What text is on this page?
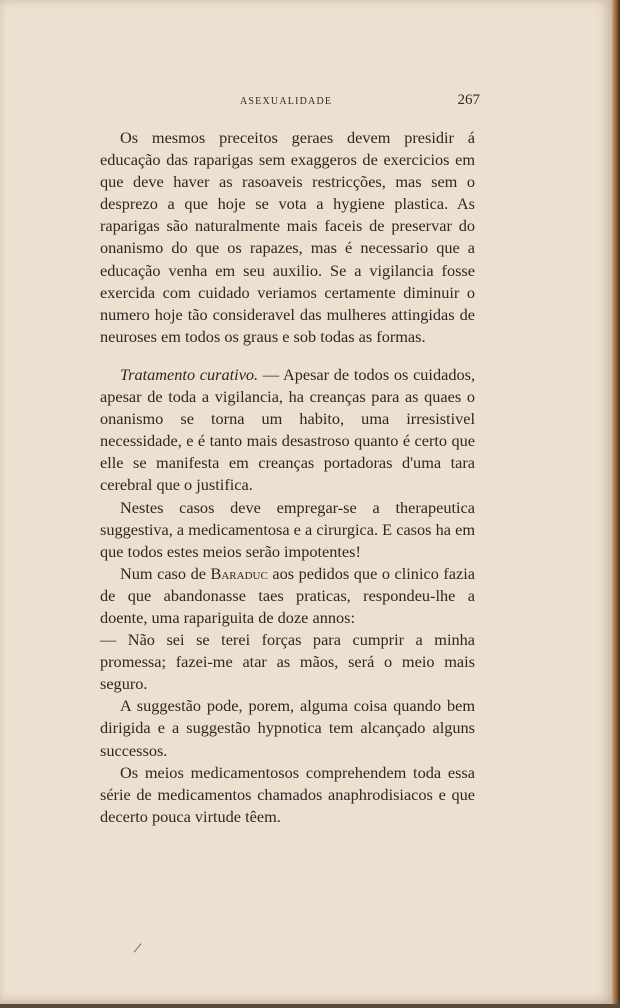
ASEXUALIDADE	267

Os mesmos preceitos geraes devem presidir á educação das raparigas sem exaggeros de exercicios em que deve haver as rasoaveis restricções, mas sem o desprezo a que hoje se vota a hygiene plastica. As raparigas são naturalmente mais faceis de preservar do onanismo do que os rapazes, mas é necessario que a educação venha em seu auxilio. Se a vigilancia fosse exercida com cuidado veriamos certamente diminuir o numero hoje tão consideravel das mulheres attingidas de neuroses em todos os graus e sob todas as formas.

Tratamento curativo. — Apesar de todos os cuidados, apesar de toda a vigilancia, ha creanças para as quaes o onanismo se torna um habito, uma irresistivel necessidade, e é tanto mais desastroso quanto é certo que elle se manifesta em creanças portadoras d'uma tara cerebral que o justifica.

Nestes casos deve empregar-se a therapeutica suggestiva, a medicamentosa e a cirurgica. E casos ha em que todos estes meios serão impotentes!

Num caso de Baraduc aos pedidos que o clinico fazia de que abandonasse taes praticas, respondeu-lhe a doente, uma rapariguita de doze annos:

— Não sei se terei forças para cumprir a minha promessa; fazei-me atar as mãos, será o meio mais seguro.

A suggestão pode, porem, alguma coisa quando bem dirigida e a suggestão hypnotica tem alcançado alguns successos.

Os meios medicamentosos comprehendem toda essa série de medicamentos chamados anaphrodisiacos e que decerto pouca virtude têem.

/
